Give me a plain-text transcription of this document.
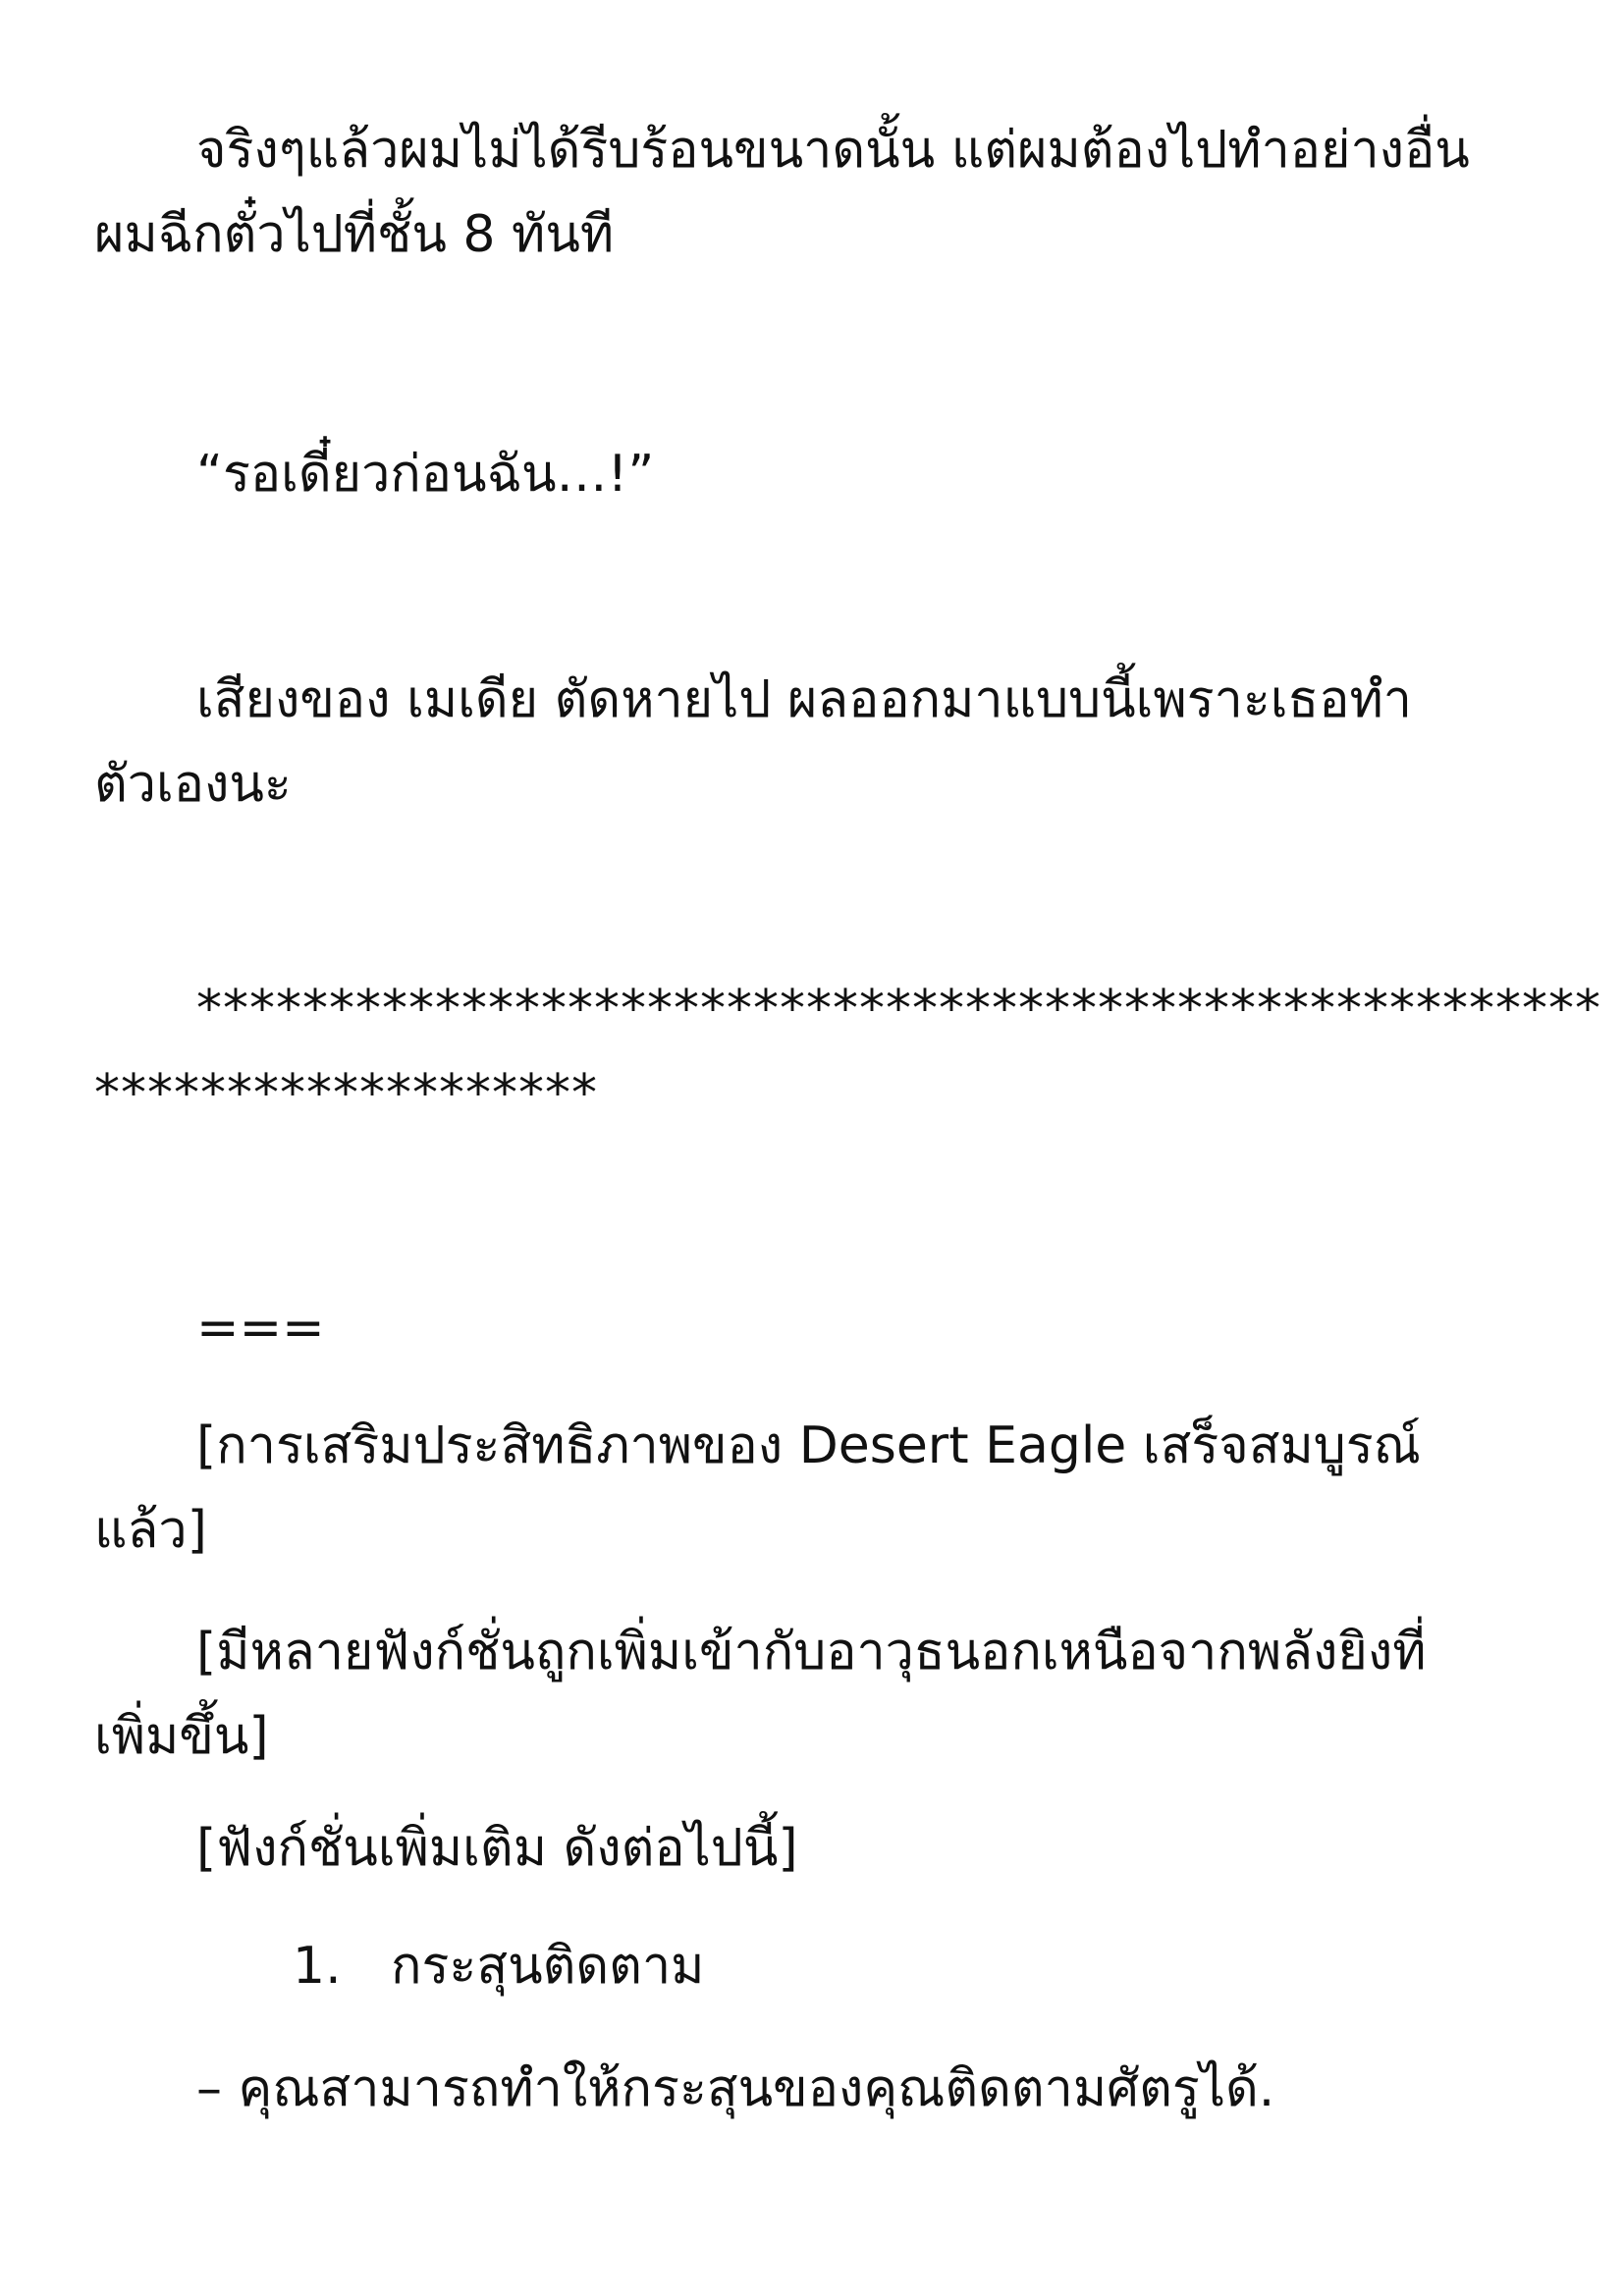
จริงๆแล้วผมไม่ได้รีบร้อนขนาดนั้น แต่ผมต้องไปทำอย่างอื่น
ผมฉีกตั๋วไปที่ชั้น 8 ทันที

“รอเดี๋ยวก่อนฉัน…!”

เสียงของ เมเดีย ตัดหายไป ผลออกมาแบบนี้เพราะเธอทำ
ตัวเองนะ

*****************************************************
*******************

===

[การเสริมประสิทธิภาพของ Desert Eagle เสร็จสมบูรณ์
แล้ว]

[มีหลายฟังก์ชั่นถูกเพิ่มเข้ากับอาวุธนอกเหนือจากพลังยิงที่
เพิ่มขึ้น]

[ฟังก์ชั่นเพิ่มเติม ดังต่อไปนี้]

1. กระสุนติดตาม

– คุณสามารถทำให้กระสุนของคุณติดตามศัตรูได้.
